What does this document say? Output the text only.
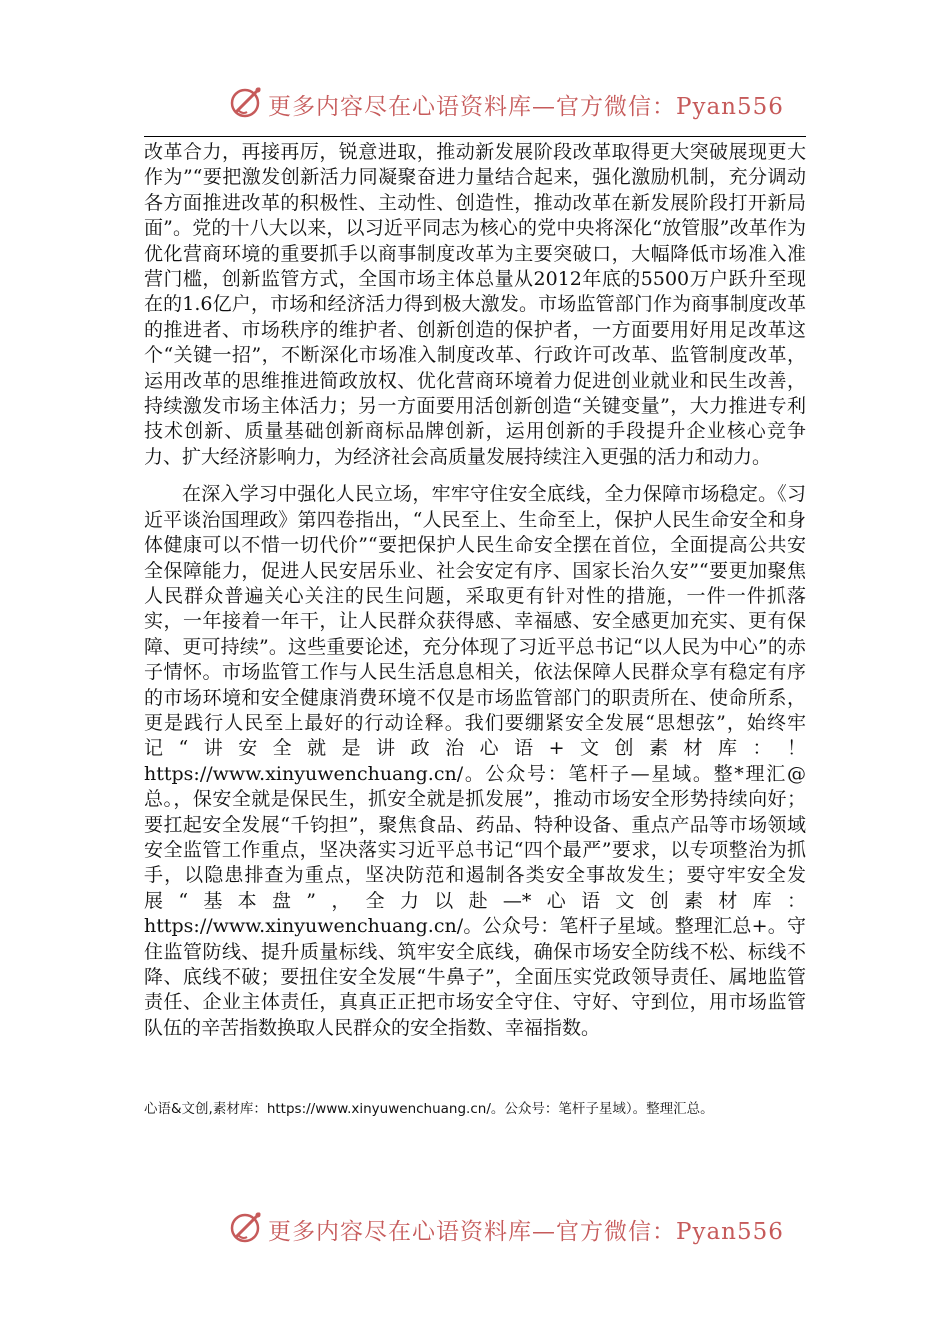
更多内容尽在心语资料库—官方微信：Pyan556

改革合力，再接再厉，锐意进取，推动新发展阶段改革取得更大突破展现更大作为”“要把激发创新活力同凝聚奋进力量结合起来，强化激励机制，充分调动各方面推进改革的积极性、主动性、创造性，推动改革在新发展阶段打开新局面”。党的十八大以来，以习近平同志为核心的党中央将深化“放管服”改革作为优化营商环境的重要抓手以商事制度改革为主要突破口，大幅降低市场准入准营门槛，创新监管方式，全国市场主体总量从2012年底的5500万户跃升至现在的1.6亿户，市场和经济活力得到极大激发。市场监管部门作为商事制度改革的推进者、市场秩序的维护者、创新创造的保护者，一方面要用好用足改革这个“关键一招”，不断深化市场准入制度改革、行政许可改革、监管制度改革，运用改革的思维推进简政放权、优化营商环境着力促进创业就业和民生改善，持续激发市场主体活力；另一方面要用活创新创造“关键变量”，大力推进专利技术创新、质量基础创新商标品牌创新，运用创新的手段提升企业核心竞争力、扩大经济影响力，为经济社会高质量发展持续注入更强的活力和动力。

在深入学习中强化人民立场，牢牢守住安全底线，全力保障市场稳定。《习近平谈治国理政》第四卷指出，“人民至上、生命至上，保护人民生命安全和身体健康可以不惜一切代价”“要把保护人民生命安全摆在首位，全面提高公共安全保障能力，促进人民安居乐业、社会安定有序、国家长治久安”“要更加聚焦人民群众普遍关心关注的民生问题，采取更有针对性的措施，一件一件抓落实，一年接着一年干，让人民群众获得感、幸福感、安全感更加充实、更有保障、更可持续”。这些重要论述，充分体现了习近平总书记“以人民为中心”的赤子情怀。市场监管工作与人民生活息息相关，依法保障人民群众享有稳定有序的市场环境和安全健康消费环境不仅是市场监管部门的职责所在、使命所系，更是践行人民至上最好的行动诠释。我们要绷紧安全发展“思想弦”，始终牢记“讲安全就是讲政治心语+文创素材库：！https://www.xinyuwenchuang.cn/。公众号：笔杆子—星域。整*理汇@总。，保安全就是保民生，抓安全就是抓发展”，推动市场安全形势持续向好；要扛起安全发展“千钧担”，聚焦食品、药品、特种设备、重点产品等市场领域安全监管工作重点，坚决落实习近平总书记“四个最严”要求，以专项整治为抓手，以隐患排查为重点，坚决防范和遏制各类安全事故发生；要守牢安全发展“基本盘”，全力以赴—*心语文创素材库：https://www.xinyuwenchuang.cn/。公众号：笔杆子星域。整理汇总+。守住监管防线、提升质量标线、筑牢安全底线，确保市场安全防线不松、标线不降、底线不破；要扭住安全发展“牛鼻子”，全面压实党政领导责任、属地监管责任、企业主体责任，真真正正把市场安全守住、守好、守到位，用市场监管队伍的辛苦指数换取人民群众的安全指数、幸福指数。

心语&文创,素材库：https://www.xinyuwenchuang.cn/。公众号：笔杆子星域）。整理汇总。
更多内容尽在心语资料库—官方微信：Pyan556
